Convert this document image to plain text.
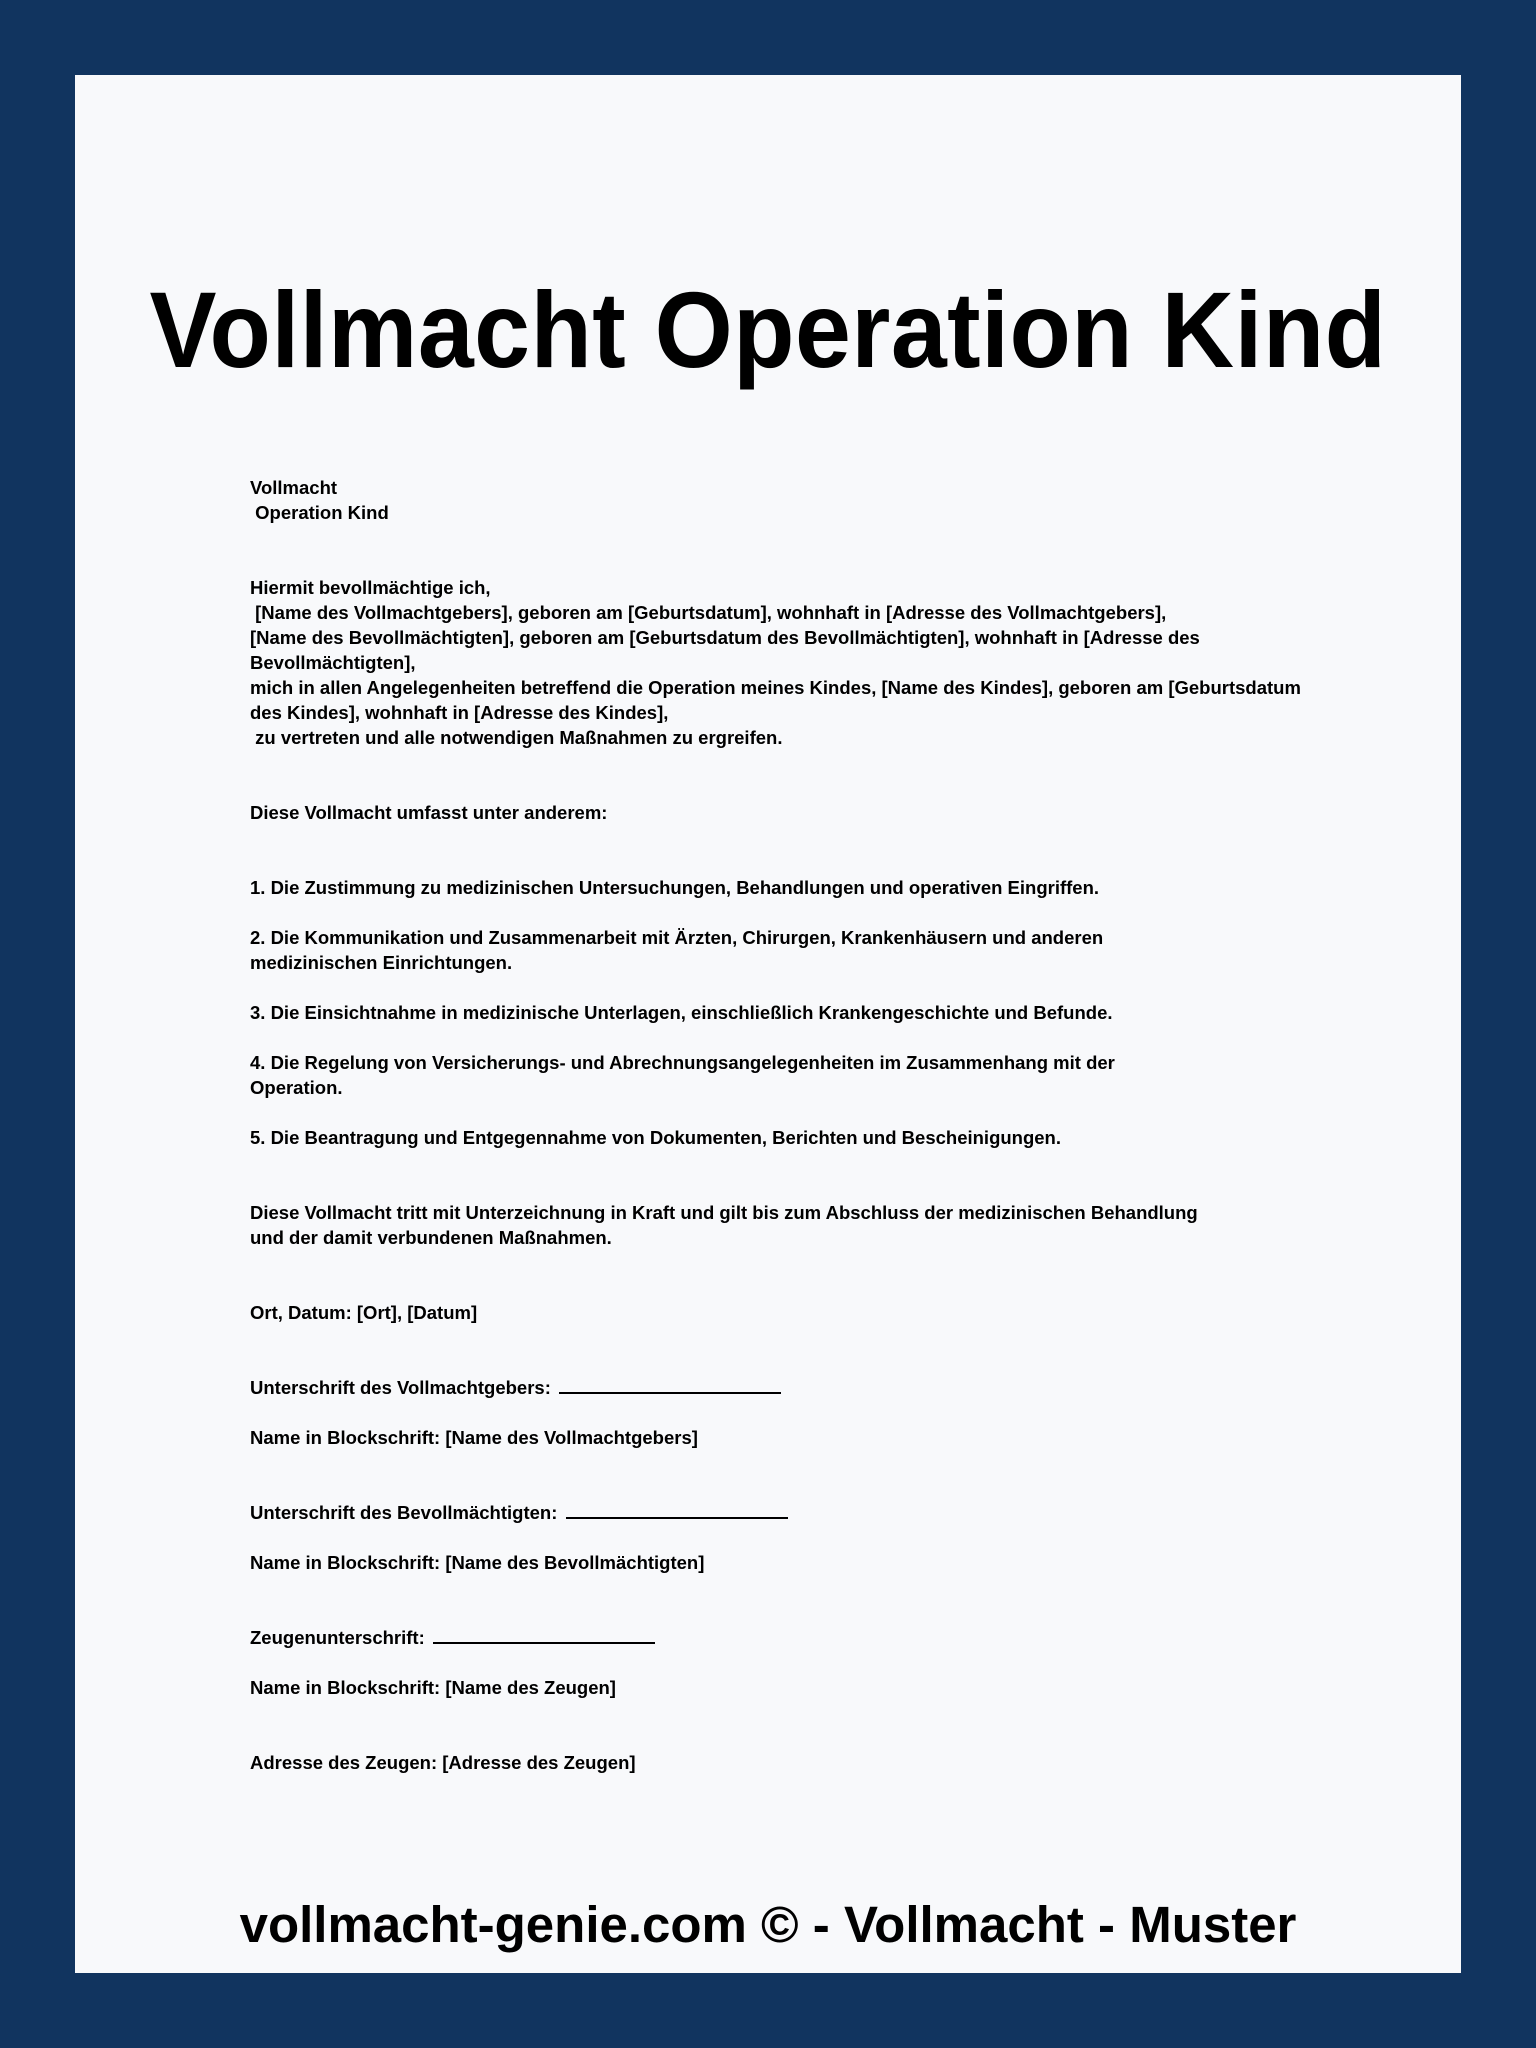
Vollmacht Operation Kind

Vollmacht

Operation Kind

Hiermit bevollmächtige ich,

[Name des Vollmachtgebers], geboren am [Geburtsdatum], wohnhaft in [Adresse des Vollmachtgebers],

[Name des Bevollmächtigten], geboren am [Geburtsdatum des Bevollmächtigten], wohnhaft in [Adresse des Bevollmächtigten],

mich in allen Angelegenheiten betreffend die Operation meines Kindes, [Name des Kindes], geboren am [Geburtsdatum des Kindes], wohnhaft in [Adresse des Kindes],

zu vertreten und alle notwendigen Maßnahmen zu ergreifen.

Diese Vollmacht umfasst unter anderem:

1. Die Zustimmung zu medizinischen Untersuchungen, Behandlungen und operativen Eingriffen.

2. Die Kommunikation und Zusammenarbeit mit Ärzten, Chirurgen, Krankenhäusern und anderen medizinischen Einrichtungen.

3. Die Einsichtnahme in medizinische Unterlagen, einschließlich Krankengeschichte und Befunde.

4. Die Regelung von Versicherungs- und Abrechnungsangelegenheiten im Zusammenhang mit der Operation.

5. Die Beantragung und Entgegennahme von Dokumenten, Berichten und Bescheinigungen.

Diese Vollmacht tritt mit Unterzeichnung in Kraft und gilt bis zum Abschluss der medizinischen Behandlung und der damit verbundenen Maßnahmen.

Ort, Datum: [Ort], [Datum]

Unterschrift des Vollmachtgebers:

Name in Blockschrift: [Name des Vollmachtgebers]

Unterschrift des Bevollmächtigten:

Name in Blockschrift: [Name des Bevollmächtigten]

Zeugenunterschrift:

Name in Blockschrift: [Name des Zeugen]

Adresse des Zeugen: [Adresse des Zeugen]

vollmacht-genie.com © - Vollmacht - Muster
